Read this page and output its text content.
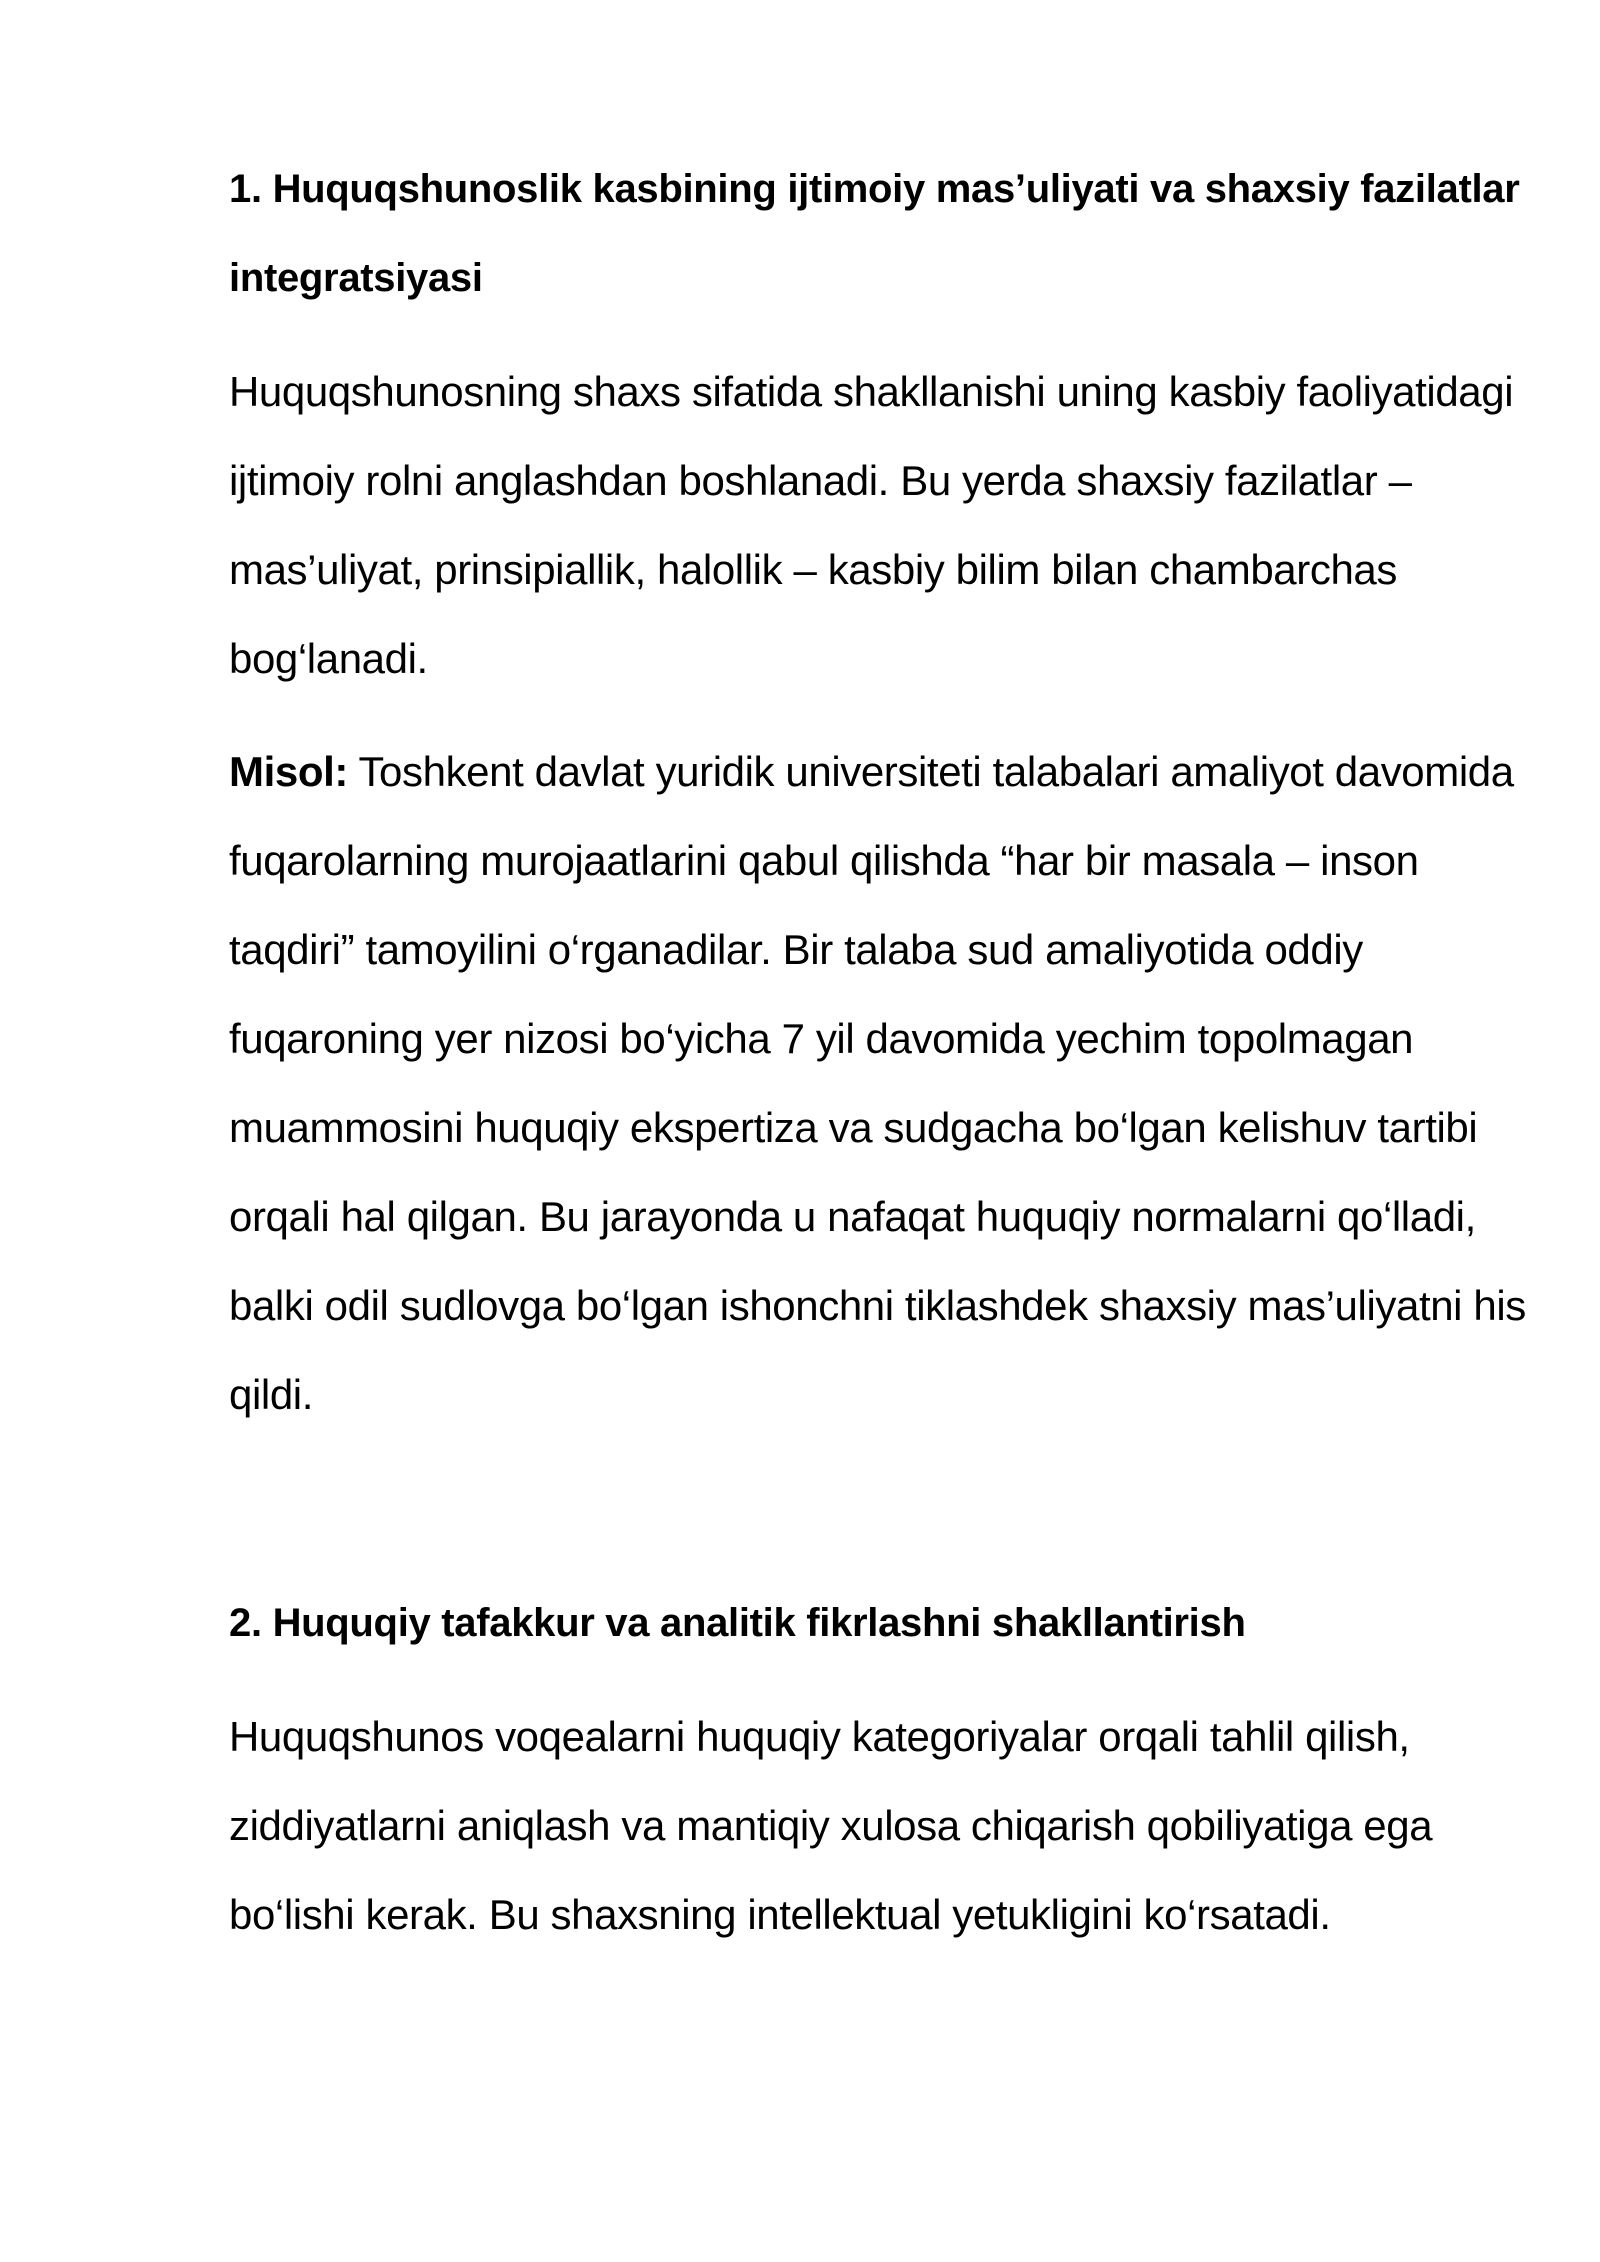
1. Huquqshunoslik kasbining ijtimoiy mas’uliyati va shaxsiy fazilatlar integratsiyasi

Huquqshunosning shaxs sifatida shakllanishi uning kasbiy faoliyatidagi ijtimoiy rolni anglashdan boshlanadi. Bu yerda shaxsiy fazilatlar – mas’uliyat, prinsipiallik, halollik – kasbiy bilim bilan chambarchas bog‘lanadi.

Misol: Toshkent davlat yuridik universiteti talabalari amaliyot davomida fuqarolarning murojaatlarini qabul qilishda “har bir masala – inson taqdiri” tamoyilini o‘rganadilar. Bir talaba sud amaliyotida oddiy fuqaroning yer nizosi bo‘yicha 7 yil davomida yechim topolmagan muammosini huquqiy ekspertiza va sudgacha bo‘lgan kelishuv tartibi orqali hal qilgan. Bu jarayonda u nafaqat huquqiy normalarni qo‘lladi, balki odil sudlovga bo‘lgan ishonchni tiklashdek shaxsiy mas’uliyatni his qildi.

2. Huquqiy tafakkur va analitik fikrlashni shakllantirish

Huquqshunos voqealarni huquqiy kategoriyalar orqali tahlil qilish, ziddiyatlarni aniqlash va mantiqiy xulosa chiqarish qobiliyatiga ega bo‘lishi kerak. Bu shaxsning intellektual yetukligini ko‘rsatadi.
